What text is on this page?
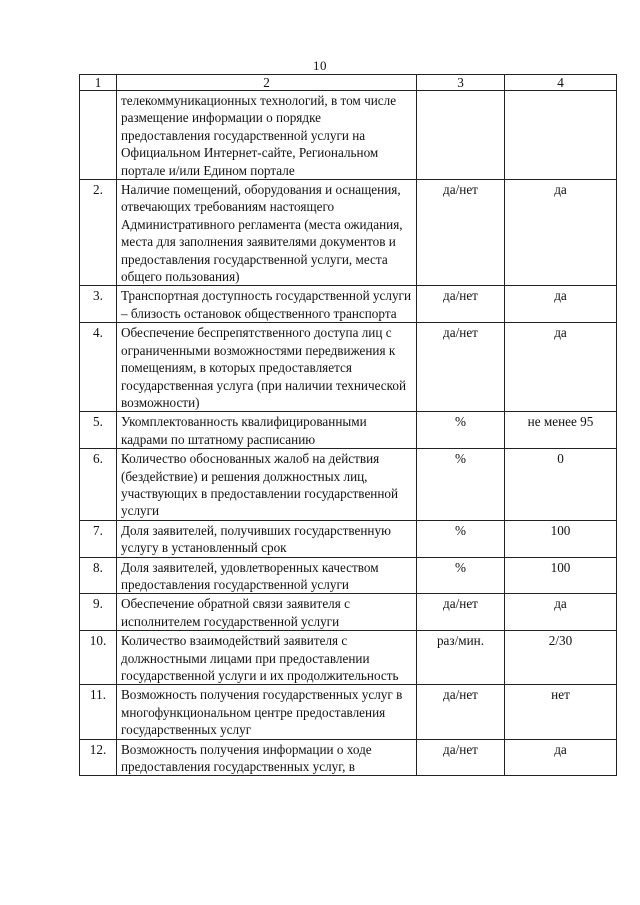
10
1	2	3	4
	телекоммуникационных технологий, в том числе размещение информации о порядке предоставления государственной услуги на Официальном Интернет-сайте, Региональном портале и/или Едином портале		
2.	Наличие помещений, оборудования и оснащения, отвечающих требованиям настоящего Административного регламента (места ожидания, места для заполнения заявителями документов и предоставления государственной услуги, места общего пользования)	да/нет	да
3.	Транспортная доступность государственной услуги – близость остановок общественного транспорта	да/нет	да
4.	Обеспечение беспрепятственного доступа лиц с ограниченными возможностями передвижения к помещениям, в которых предоставляется государственная услуга (при наличии технической возможности)	да/нет	да
5.	Укомплектованность квалифицированными кадрами по штатному расписанию	%	не менее 95
6.	Количество обоснованных жалоб на действия (бездействие) и решения должностных лиц, участвующих в предоставлении государственной услуги	%	0
7.	Доля заявителей, получивших государственную услугу в установленный срок	%	100
8.	Доля заявителей, удовлетворенных качеством предоставления государственной услуги	%	100
9.	Обеспечение обратной связи заявителя с исполнителем государственной услуги	да/нет	да
10.	Количество взаимодействий заявителя с должностными лицами при предоставлении государственной услуги и их продолжительность	раз/мин.	2/30
11.	Возможность получения государственных услуг в многофункциональном центре предоставления государственных услуг	да/нет	нет
12.	Возможность получения информации о ходе предоставления государственных услуг, в	да/нет	да
